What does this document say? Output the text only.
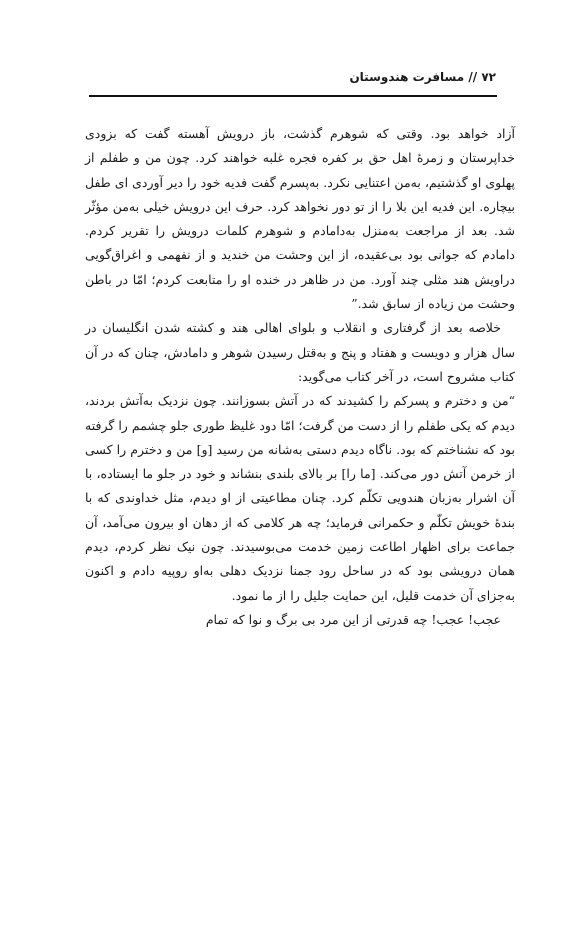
۷۲ // مسافرت هندوستان

آزاد خواهد بود. وقتی که شوهرم گذشت، باز درویش آهسته گفت که بزودی خداپرستان و زمرهٔ اهل حق بر کفره فجره غلبه خواهند کرد. چون من و طفلم از پهلوی او گذشتیم، به‌من اعتنایی نکرد. به‌پسرم گفت فدیه خود را دیر آوردی ای طفل بیچاره. این فدیه این بلا را از تو دور نخواهد کرد. حرف این درویش خیلی به‌من مؤثّر شد. بعد از مراجعت به‌منزل به‌دامادم و شوهرم کلمات درویش را تقریر کردم. دامادم که جوانی بود بی‌عقیده، از این وحشت من خندید و از نفهمی و اغراق‌گویی دراویش هند مثلی چند آورد. من در ظاهر در خنده او را متابعت کردم؛ امّا در باطن وحشت من زیاده از سابق شد.”

خلاصه بعد از گرفتاری و انقلاب و بلوای اهالی هند و کشته شدن انگلیسان در سال هزار و دویست و هفتاد و پنج و به‌قتل رسیدن شوهر و دامادش، چنان که در آن کتاب مشروح است، در آخر کتاب می‌گوید:

“من و دخترم و پسرکم را کشیدند که در آتش بسوزانند. چون نزدیک به‌آتش بردند، دیدم که یکی طفلم را از دست من گرفت؛ امّا دود غلیظ طوری جلو چشمم را گرفته بود که نشناختم که بود. ناگاه دیدم دستی به‌شانه من رسید [و] من و دخترم را کسی از خرمن آتش دور می‌کند. [ما را] بر بالای بلندی بنشاند و خود در جلو ما ایستاده، با آن اشرار به‌زبان هندویی تکلّم کرد. چنان مطاعیتی از او دیدم، مثل خداوندی که با بندهٔ خویش تکلّم و حکمرانی فرماید؛ چه هر کلامی که از دهان او بیرون می‌آمد، آن جماعت برای اظهار اطاعت زمین خدمت می‌بوسیدند. چون نیک نظر کردم، دیدم همان درویشی بود که در ساحل رود جمنا نزدیک دهلی به‌او روپیه دادم و اکنون به‌جزای آن خدمت قلیل، این حمایت جلیل را از ما نمود.

عجب! عجب! چه قدرتی از این مرد بی برگ و نوا که تمام
